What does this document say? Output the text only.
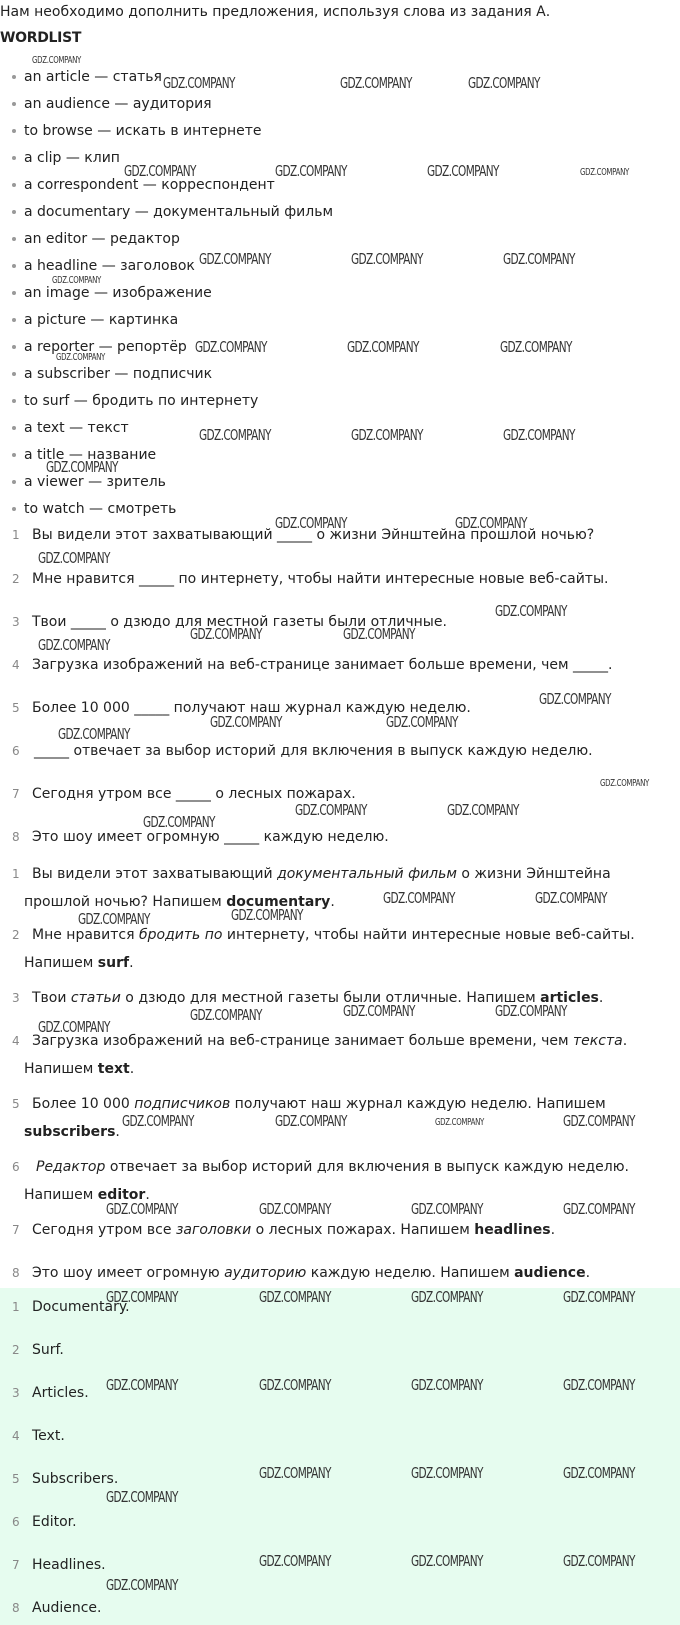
Нам необходимо дополнить предложения, используя слова из задания А.

WORDLIST

an article — статья
an audience — аудитория
to browse — искать в интернете
a clip — клип
a correspondent — корреспондент
a documentary — документальный фильм
an editor — редактор
a headline — заголовок
an image — изображение
a picture — картинка
a reporter — репортёр
a subscriber — подписчик
to surf — бродить по интернету
a text — текст
a title — название
a viewer — зритель
to watch — смотреть
1 Вы видели этот захватывающий _____ о жизни Эйнштейна прошлой ночью?
2 Мне нравится _____ по интернету, чтобы найти интересные новые веб-сайты.
3 Твои _____ о дзюдо для местной газеты были отличные.
4 Загрузка изображений на веб-странице занимает больше времени, чем _____.
5 Более 10 000 _____ получают наш журнал каждую неделю.
6 _____ отвечает за выбор историй для включения в выпуск каждую неделю.
7 Сегодня утром все _____ о лесных пожарах.
8 Это шоу имеет огромную _____ каждую неделю.
1 Вы видели этот захватывающий документальный фильм о жизни Эйнштейна
прошлой ночью? Напишем documentary.
2 Мне нравится бродить по интернету, чтобы найти интересные новые веб-сайты.
Напишем surf.
3 Твои статьи о дзюдо для местной газеты были отличные. Напишем articles.
4 Загрузка изображений на веб-странице занимает больше времени, чем текста.
Напишем text.
5 Более 10 000 подписчиков получают наш журнал каждую неделю. Напишем
subscribers.
6 Редактор отвечает за выбор историй для включения в выпуск каждую неделю.
Напишем editor.
7 Сегодня утром все заголовки о лесных пожарах. Напишем headlines.
8 Это шоу имеет огромную аудиторию каждую неделю. Напишем audience.
1 Documentary.
2 Surf.
3 Articles.
4 Text.
5 Subscribers.
6 Editor.
7 Headlines.
8 Audience.
GDZ.COMPANY
GDZ.COMPANY	GDZ.COMPANY	GDZ.COMPANY
GDZ.COMPANY	GDZ.COMPANY	GDZ.COMPANY	GDZ.COMPANY
GDZ.COMPANY	GDZ.COMPANY	GDZ.COMPANY
GDZ.COMPANY
GDZ.COMPANY	GDZ.COMPANY	GDZ.COMPANY
GDZ.COMPANY
GDZ.COMPANY	GDZ.COMPANY	GDZ.COMPANY
GDZ.COMPANY
GDZ.COMPANY	GDZ.COMPANY
GDZ.COMPANY
GDZ.COMPANY
GDZ.COMPANY	GDZ.COMPANY
GDZ.COMPANY
GDZ.COMPANY
GDZ.COMPANY	GDZ.COMPANY
GDZ.COMPANY
GDZ.COMPANY
GDZ.COMPANY	GDZ.COMPANY
GDZ.COMPANY
GDZ.COMPANY	GDZ.COMPANY
GDZ.COMPANY	GDZ.COMPANY
GDZ.COMPANY	GDZ.COMPANY
GDZ.COMPANY
GDZ.COMPANY
GDZ.COMPANY	GDZ.COMPANY	GDZ.COMPANY	GDZ.COMPANY
GDZ.COMPANY	GDZ.COMPANY	GDZ.COMPANY	GDZ.COMPANY
GDZ.COMPANY	GDZ.COMPANY	GDZ.COMPANY	GDZ.COMPANY
GDZ.COMPANY	GDZ.COMPANY	GDZ.COMPANY	GDZ.COMPANY
GDZ.COMPANY	GDZ.COMPANY	GDZ.COMPANY
GDZ.COMPANY
GDZ.COMPANY	GDZ.COMPANY	GDZ.COMPANY
GDZ.COMPANY
